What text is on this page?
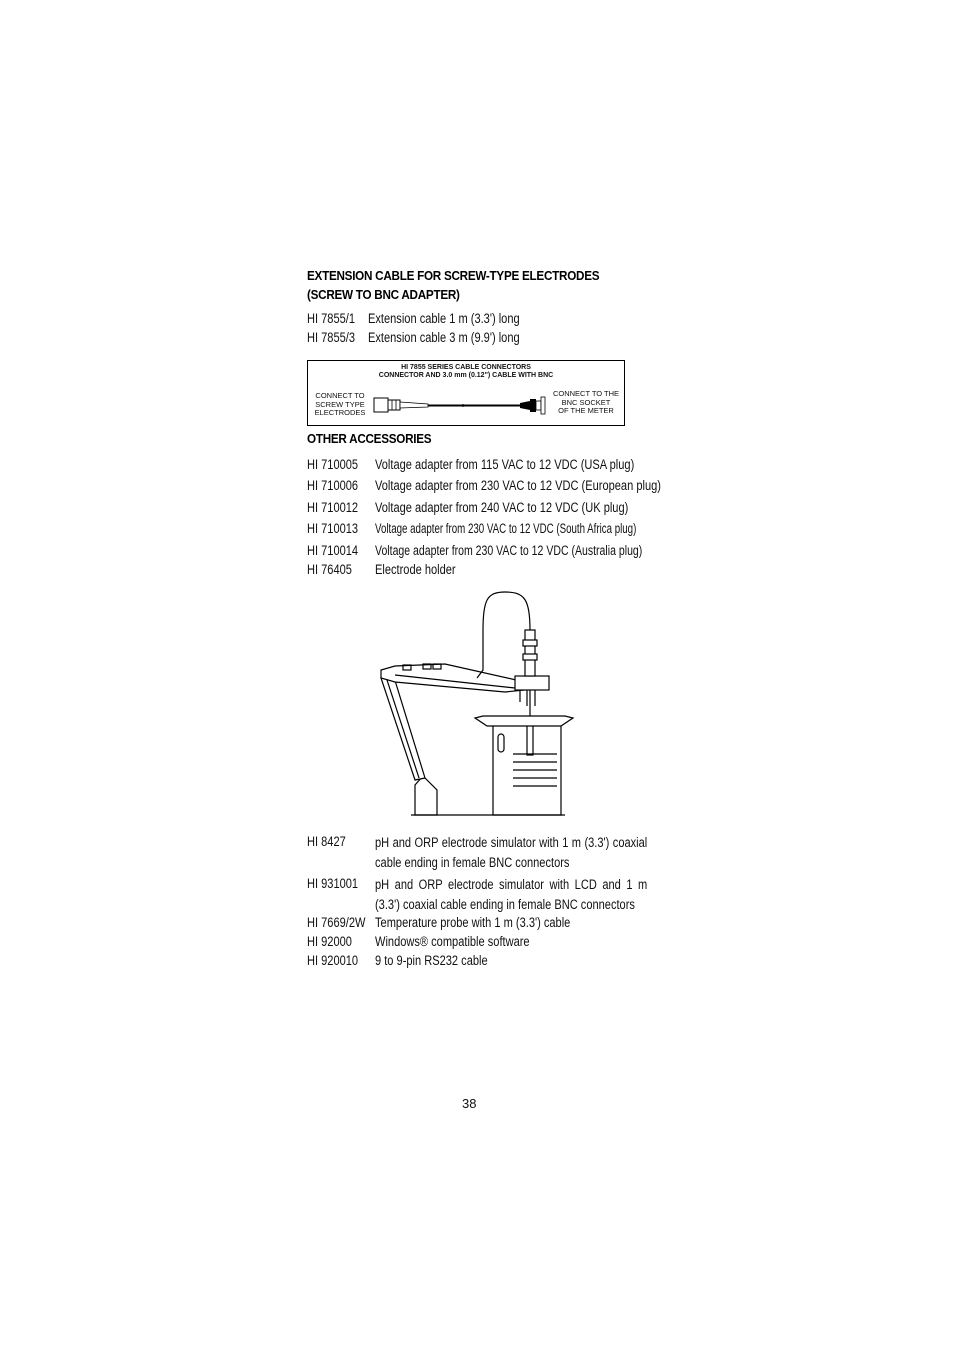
EXTENSION CABLE FOR SCREW-TYPE ELECTRODES
(SCREW TO BNC ADAPTER)
HI 7855/1 Extension cable 1 m (3.3') long
HI 7855/3 Extension cable 3 m (9.9') long
HI 7855 SERIES CABLE CONNECTORS
CONNECTOR AND 3.0 mm (0.12") CABLE WITH BNC
CONNECT TO
SCREW TYPE
ELECTRODES
CONNECT TO THE
BNC SOCKET
OF THE METER
OTHER ACCESSORIES
HI 710005 Voltage adapter from 115 VAC to 12 VDC (USA plug)
HI 710006 Voltage adapter from 230 VAC to 12 VDC (European plug)
HI 710012 Voltage adapter from 240 VAC to 12 VDC (UK plug)
HI 710013 Voltage adapter from 230 VAC to 12 VDC (South Africa plug)
HI 710014 Voltage adapter from 230 VAC to 12 VDC (Australia plug)
HI 76405 Electrode holder
HI 8427	pH and ORP electrode simulator with 1 m (3.3') coaxial cable ending in female BNC connectors
HI 931001	pH and ORP electrode simulator with LCD and 1 m (3.3') coaxial cable ending in female BNC connectors
HI 7669/2W Temperature probe with 1 m (3.3') cable
HI 92000 Windows® compatible software
HI 920010 9 to 9-pin RS232 cable
38
